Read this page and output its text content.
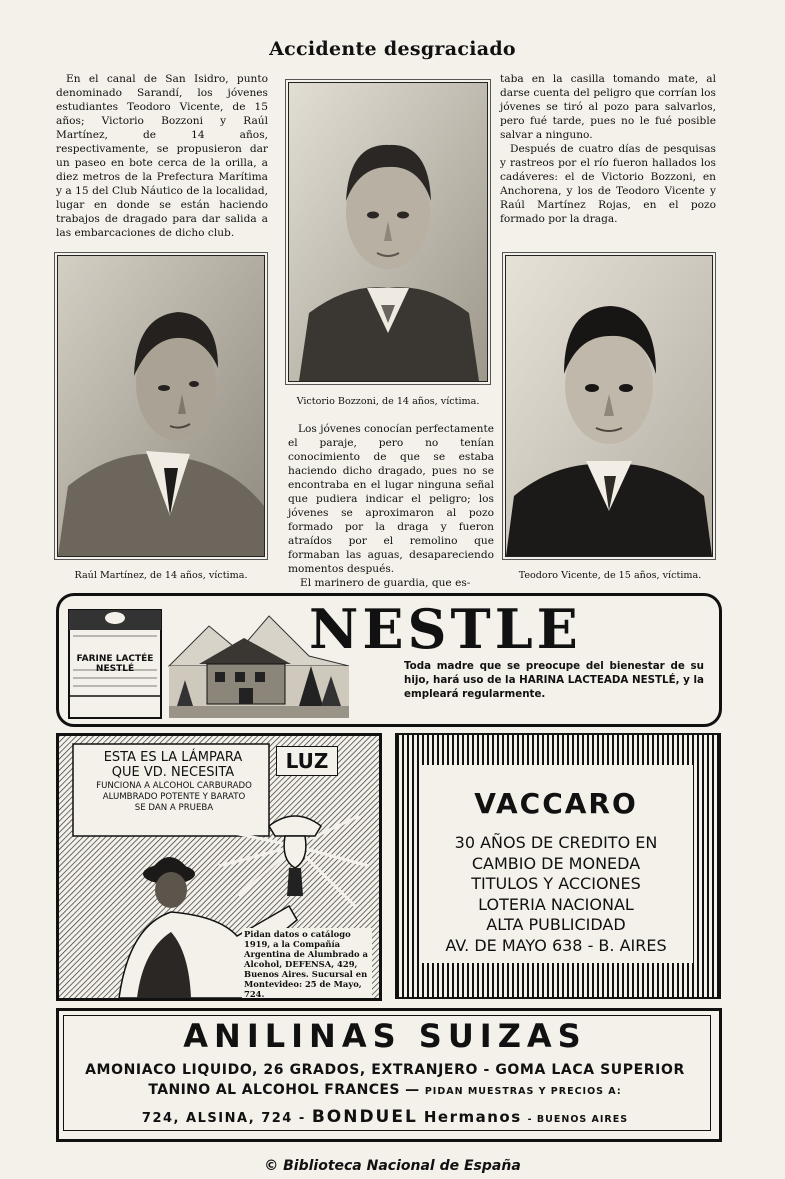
Accidente desgraciado

En el canal de San Isidro, punto denominado Sarandí, los jóvenes estudiantes Teodoro Vicente, de 15 años; Victorio Bozzoni y Raúl Martínez, de 14 años, respectivamente, se propusieron dar un paseo en bote cerca de la orilla, a diez metros de la Prefectura Marítima y a 15 del Club Náutico de la localidad, lugar en donde se están haciendo trabajos de dragado para dar salida a las embarcaciones de dicho club.

taba en la casilla tomando mate, al darse cuenta del peligro que corrían los jóvenes se tiró al pozo para salvarlos, pero fué tarde, pues no le fué posible salvar a ninguno.

Después de cuatro días de pesquisas y rastreos por el río fueron hallados los cadáveres: el de Victorio Bozzoni, en Anchorena, y los de Teodoro Vicente y Raúl Martínez Rojas, en el pozo formado por la draga.

Victorio Bozzoni, de 14 años, víctima.

Los jóvenes conocían perfectamente el paraje, pero no tenían conocimiento de que se estaba haciendo dicho dragado, pues no se encontraba en el lugar ninguna señal que pudiera indicar el peligro; los jóvenes se aproximaron al pozo formado por la draga y fueron atraídos por el remolino que formaban las aguas, desapareciendo momentos después.

El marinero de guardia, que es-

Raúl Martínez, de 14 años, víctima.	Teodoro Vicente, de 15 años, víctima.
FARINE LACTÉE NESTLÉ
NESTLE
Toda madre que se preocupe del bienestar de su hijo, hará uso de la HARINA LACTEADA NESTLÉ, y la empleará regularmente.
ESTA ES LA LÁMPARA
QUE VD. NECESITA
FUNCIONA A ALCOHOL CARBURADO
ALUMBRADO POTENTE Y BARATO
SE DAN A PRUEBA
LUZ
Pidan datos o catálogo 1919, a la Compañía Argentina de Alumbrado a Alcohol, DEFENSA, 429, Buenos Aires. Sucursal en Montevideo: 25 de Mayo, 724.
VACCARO
30 AÑOS DE CREDITO EN
CAMBIO DE MONEDA
TITULOS Y ACCIONES
LOTERIA NACIONAL
ALTA PUBLICIDAD
AV. DE MAYO 638 - B. AIRES
ANILINAS SUIZAS
AMONIACO LIQUIDO, 26 GRADOS, EXTRANJERO - GOMA LACA SUPERIOR
TANINO AL ALCOHOL FRANCES — PIDAN MUESTRAS Y PRECIOS A:
724, ALSINA, 724 - BONDUEL Hermanos - BUENOS AIRES
© Biblioteca Nacional de España
